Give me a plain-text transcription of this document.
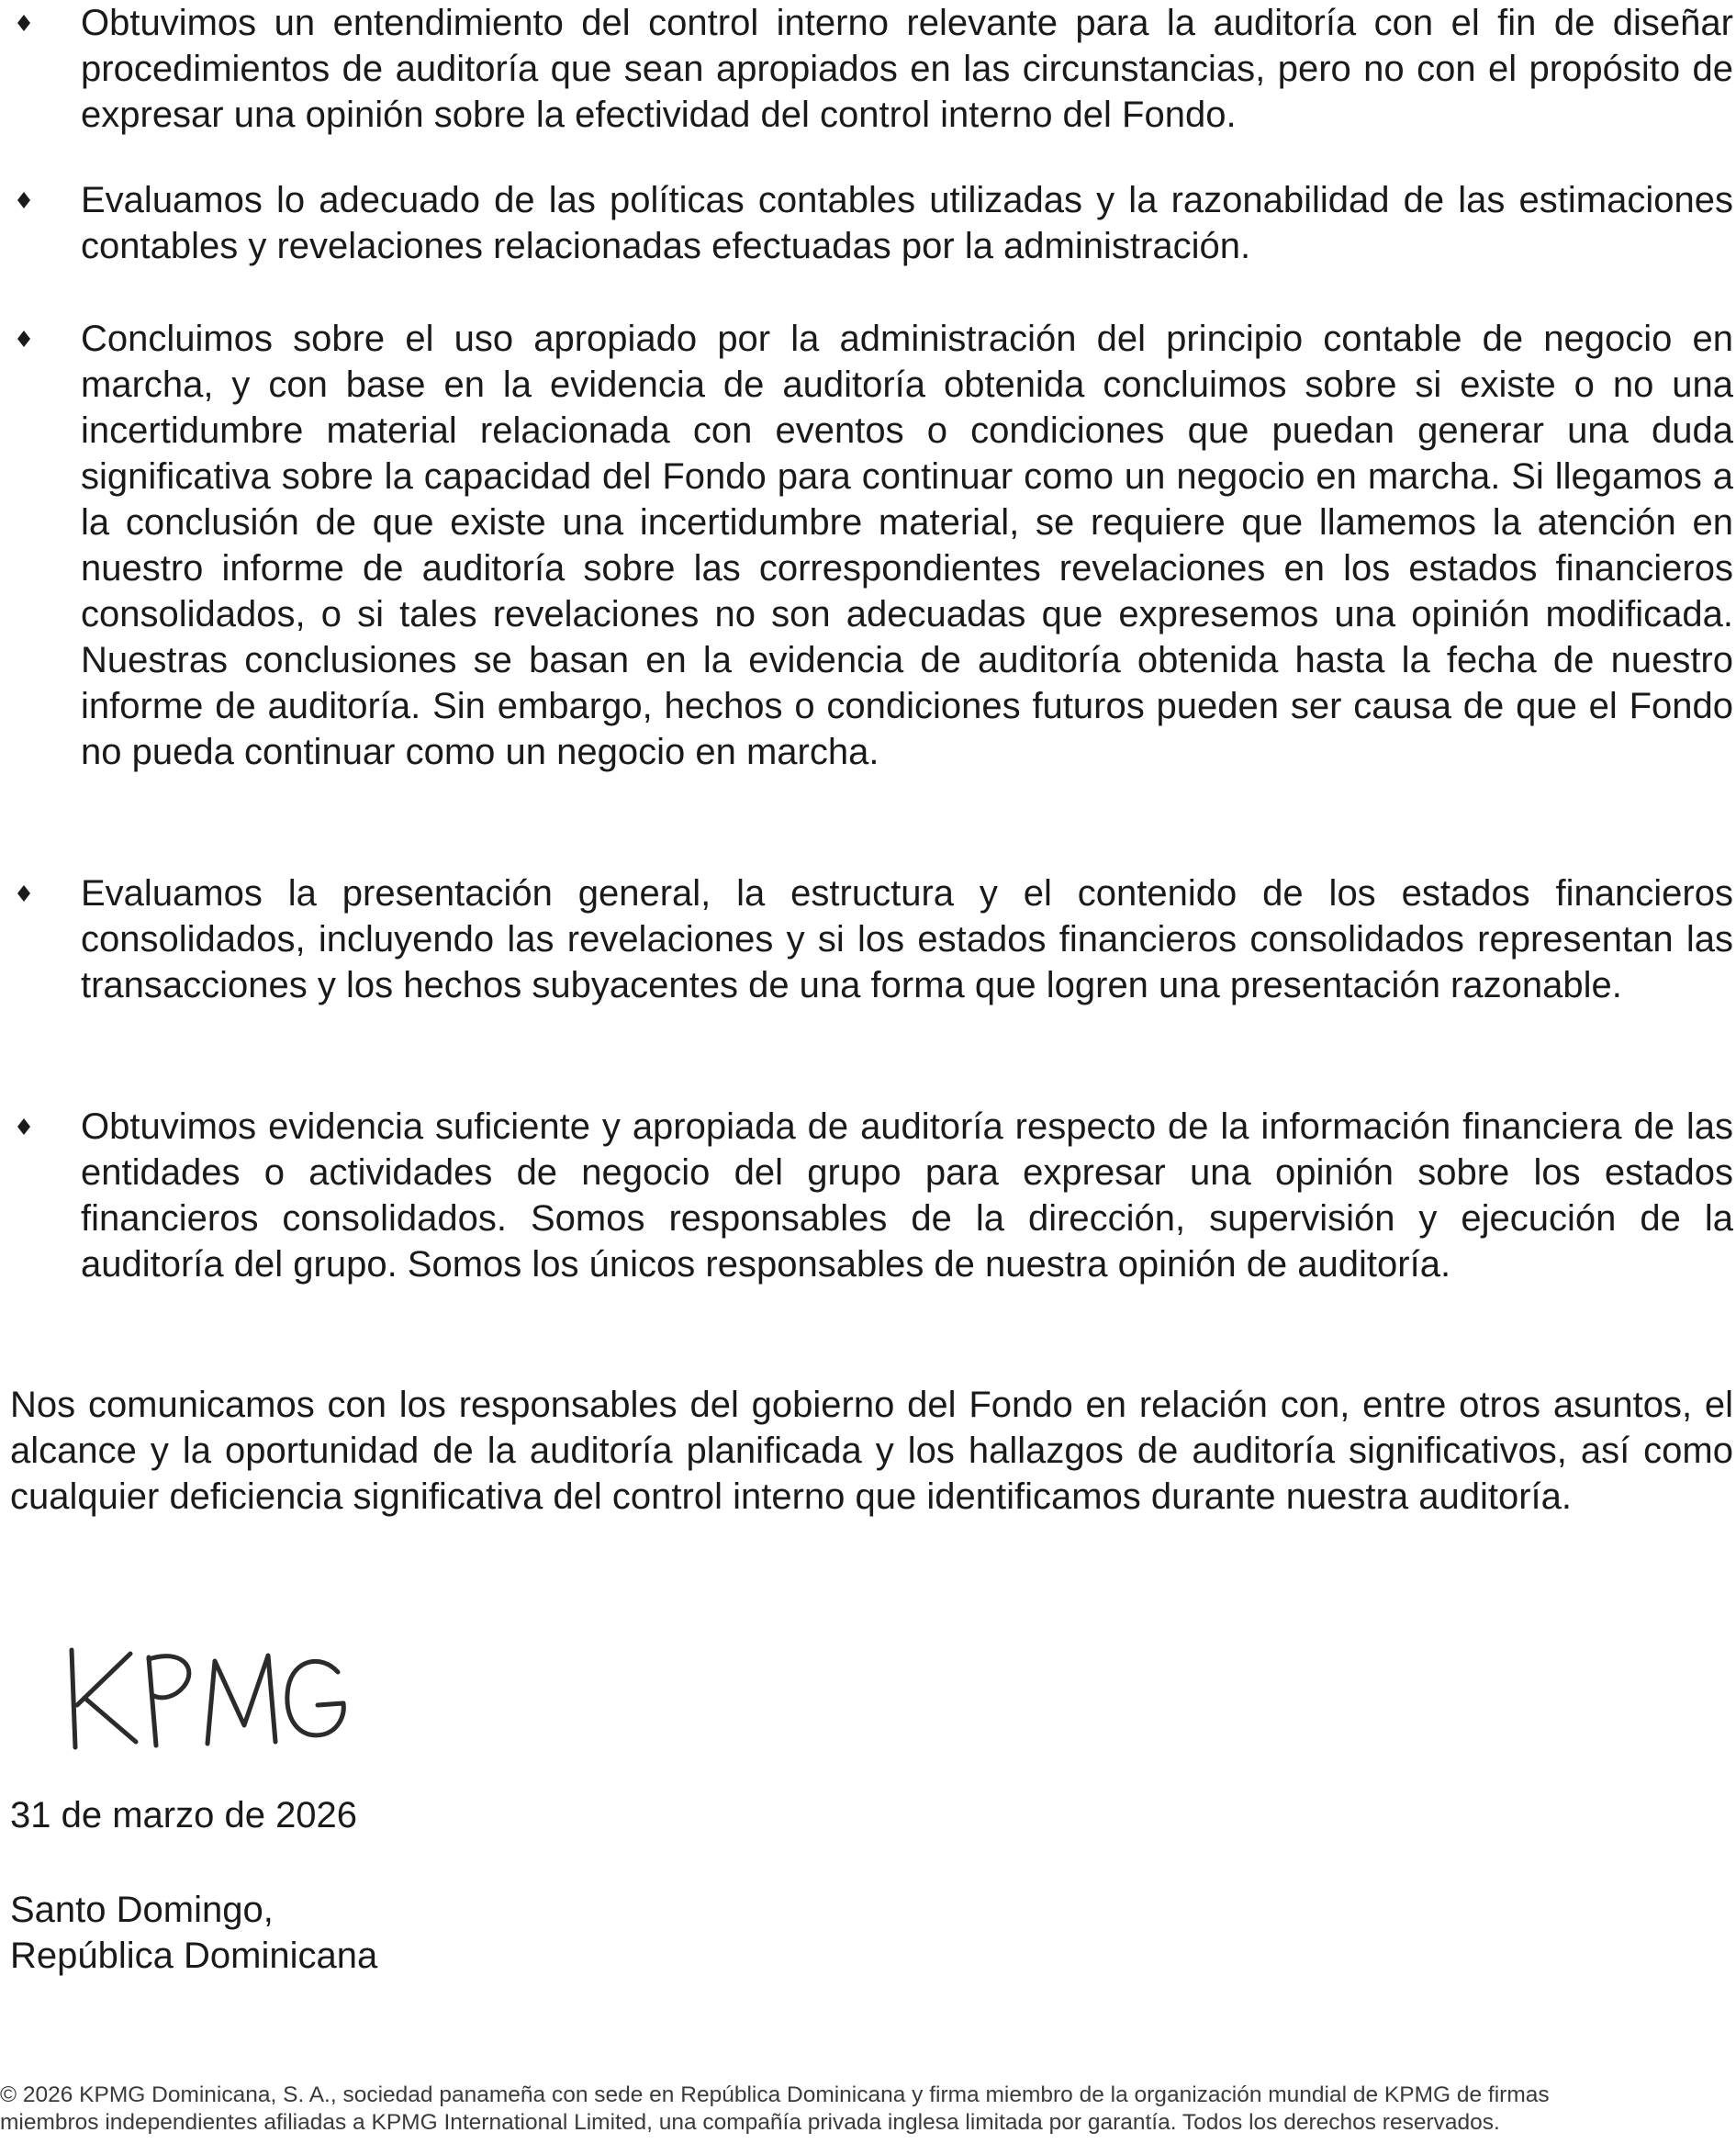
Obtuvimos un entendimiento del control interno relevante para la auditoría con el fin de diseñar procedimientos de auditoría que sean apropiados en las circunstancias, pero no con el propósito de expresar una opinión sobre la efectividad del control interno del Fondo.
Evaluamos lo adecuado de las políticas contables utilizadas y la razonabilidad de las estimaciones contables y revelaciones relacionadas efectuadas por la administración.
Concluimos sobre el uso apropiado por la administración del principio contable de negocio en marcha, y con base en la evidencia de auditoría obtenida concluimos sobre si existe o no una incertidumbre material relacionada con eventos o condiciones que puedan generar una duda significativa sobre la capacidad del Fondo para continuar como un negocio en marcha. Si llegamos a la conclusión de que existe una incertidumbre material, se requiere que llamemos la atención en nuestro informe de auditoría sobre las correspondientes revelaciones en los estados financieros consolidados, o si tales revelaciones no son adecuadas que expresemos una opinión modificada. Nuestras conclusiones se basan en la evidencia de auditoría obtenida hasta la fecha de nuestro informe de auditoría. Sin embargo, hechos o condiciones futuros pueden ser causa de que el Fondo no pueda continuar como un negocio en marcha.
Evaluamos la presentación general, la estructura y el contenido de los estados financieros consolidados, incluyendo las revelaciones y si los estados financieros consolidados representan las transacciones y los hechos subyacentes de una forma que logren una presentación razonable.
Obtuvimos evidencia suficiente y apropiada de auditoría respecto de la información financiera de las entidades o actividades de negocio del grupo para expresar una opinión sobre los estados financieros consolidados. Somos responsables de la dirección, supervisión y ejecución de la auditoría del grupo. Somos los únicos responsables de nuestra opinión de auditoría.
Nos comunicamos con los responsables del gobierno del Fondo en relación con, entre otros asuntos, el alcance y la oportunidad de la auditoría planificada y los hallazgos de auditoría significativos, así como cualquier deficiencia significativa del control interno que identificamos durante nuestra auditoría.
31 de marzo de 2026
Santo Domingo,
República Dominicana
© 2026 KPMG Dominicana, S. A., sociedad panameña con sede en República Dominicana y firma miembro de la organización mundial de KPMG de firmas
miembros independientes afiliadas a KPMG International Limited, una compañía privada inglesa limitada por garantía. Todos los derechos reservados.
